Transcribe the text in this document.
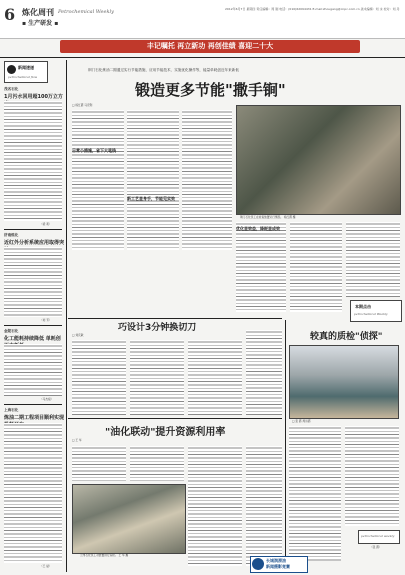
6 炼化周刊 Petrochemical Weekly
▪ 生产研发 ▪
2012年6月7日 星期四 责任编辑：周 刚 电话：(010)62094431 E-mail:zhougang@cnpc.com.cn 美术编辑：刘 永 校对：刘 丹
丰记嘱托 再立新功 再创佳绩 喜迎二十大
新闻速递
petrochemical flow
茂名石化
1月污水回用超100万立方
（梁 莉）
济南炼化
近红外分析系统应用取得突
（刘 芳）
金陵石化
化工能耗持续降低 单耗创
（马杰斌）
上海石化
炼油二期工程项目顺利实现
（王 斌）
荆门石化炼油二期通过实行节能措施、应用节能技术、实施优化操作等，能量单耗创近年来新低
锻造更多节能"撒手锏"
□ 杨红霞 马宏利
日常小措施，省下大笔钱
新工艺显身手，节能见实效
荆门石化员工在检查装置运行情况。 杨红霞 摄
优化显效益，降耗显成效
本期点击
petrochemical Weekly
巧设计3分钟换切刀
□ 刘庆敏
"油化联动"提升资源利用率
□ 王 华
兰州石化员工对装置进行巡检。 王 华 摄
较真的质检"侦探"
□ 张 霞 周远霞
petrochemical weekly
（张 霞）
长城润滑油
新闻摄影竞赛
